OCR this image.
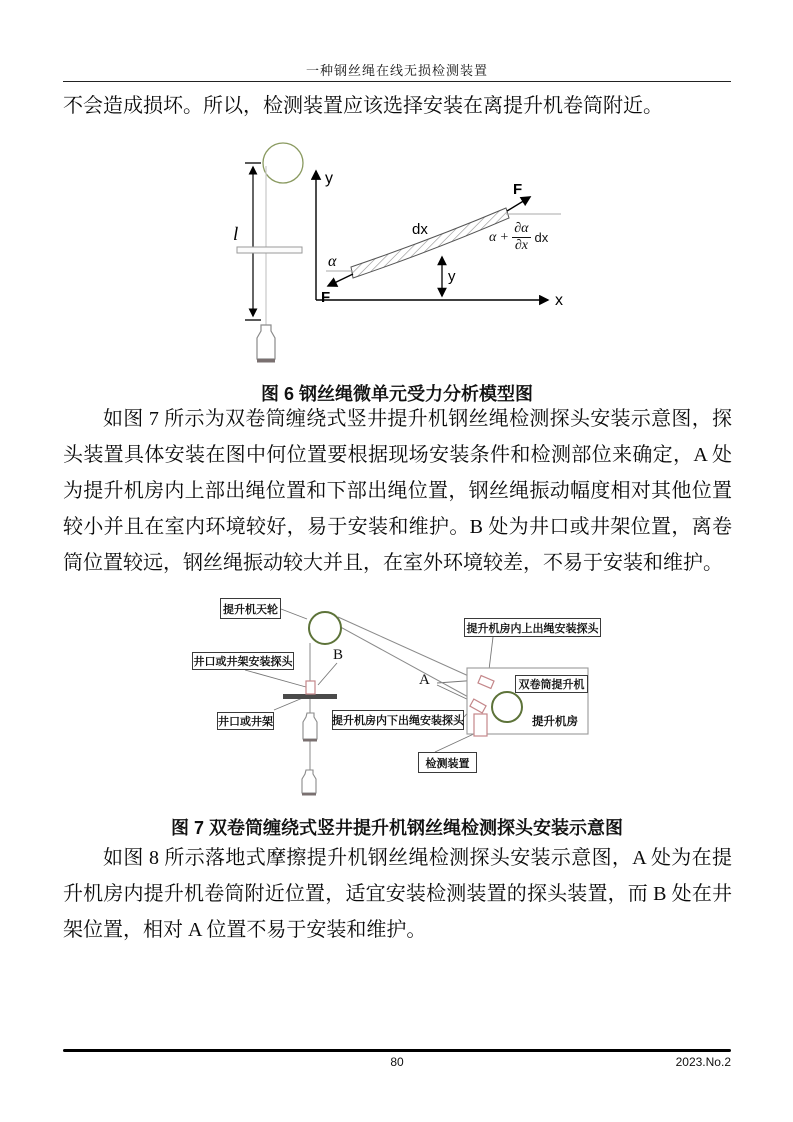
一种钢丝绳在线无损检测装置

不会造成损坏。所以，检测装置应该选择安装在离提升机卷筒附近。

l
y
x
dx
α
F
F
y
$\alpha + \frac{\partial\alpha}{\partial x}$ dx
图 6 钢丝绳微单元受力分析模型图

如图 7 所示为双卷筒缠绕式竖井提升机钢丝绳检测探头安装示意图，探头装置具体安装在图中何位置要根据现场安装条件和检测部位来确定，A 处为提升机房内上部出绳位置和下部出绳位置，钢丝绳振动幅度相对其他位置较小并且在室内环境较好，易于安装和维护。B 处为井口或井架位置，离卷筒位置较远，钢丝绳振动较大并且，在室外环境较差，不易于安装和维护。

提升机天轮
井口或井架安装探头
井口或井架
提升机房内上出绳安装探头
双卷筒提升机
提升机房内下出绳安装探头
检测装置
提升机房
B
A
图 7 双卷筒缠绕式竖井提升机钢丝绳检测探头安装示意图

如图 8 所示落地式摩擦提升机钢丝绳检测探头安装示意图，A 处为在提升机房内提升机卷筒附近位置，适宜安装检测装置的探头装置，而 B 处在井架位置，相对 A 位置不易于安装和维护。

80	2023.No.2
